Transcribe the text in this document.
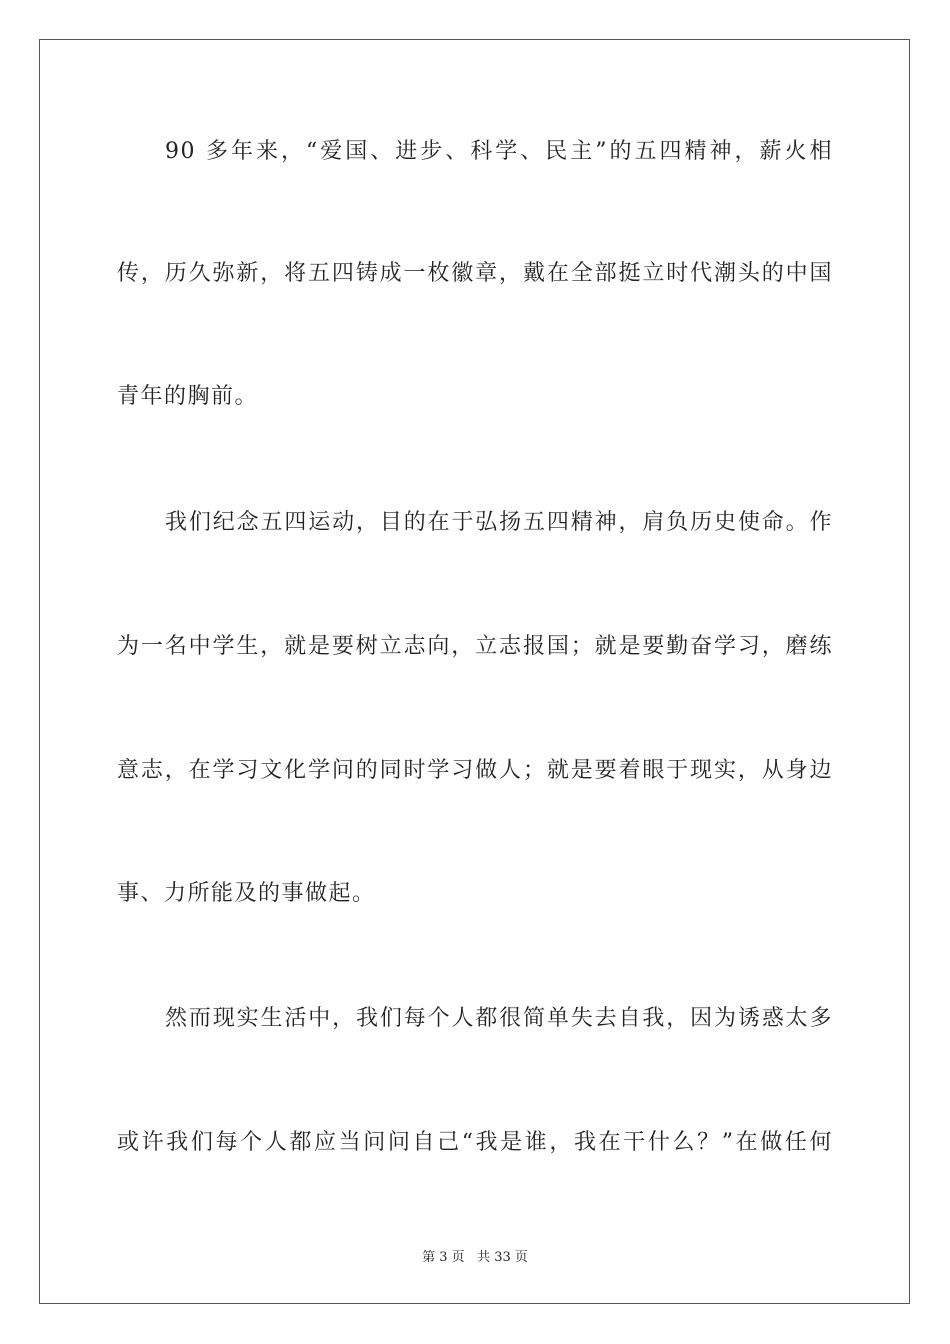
90 多年来，“爱国、进步、科学、民主”的五四精神，薪火相
传，历久弥新，将五四铸成一枚徽章，戴在全部挺立时代潮头的中国
青年的胸前。
我们纪念五四运动，目的在于弘扬五四精神，肩负历史使命。作
为一名中学生，就是要树立志向，立志报国；就是要勤奋学习，磨练
意志，在学习文化学问的同时学习做人；就是要着眼于现实，从身边
事、力所能及的事做起。
然而现实生活中，我们每个人都很简单失去自我，因为诱惑太多
或许我们每个人都应当问问自己“我是谁，我在干什么？”在做任何
第 3 页 共 33 页
